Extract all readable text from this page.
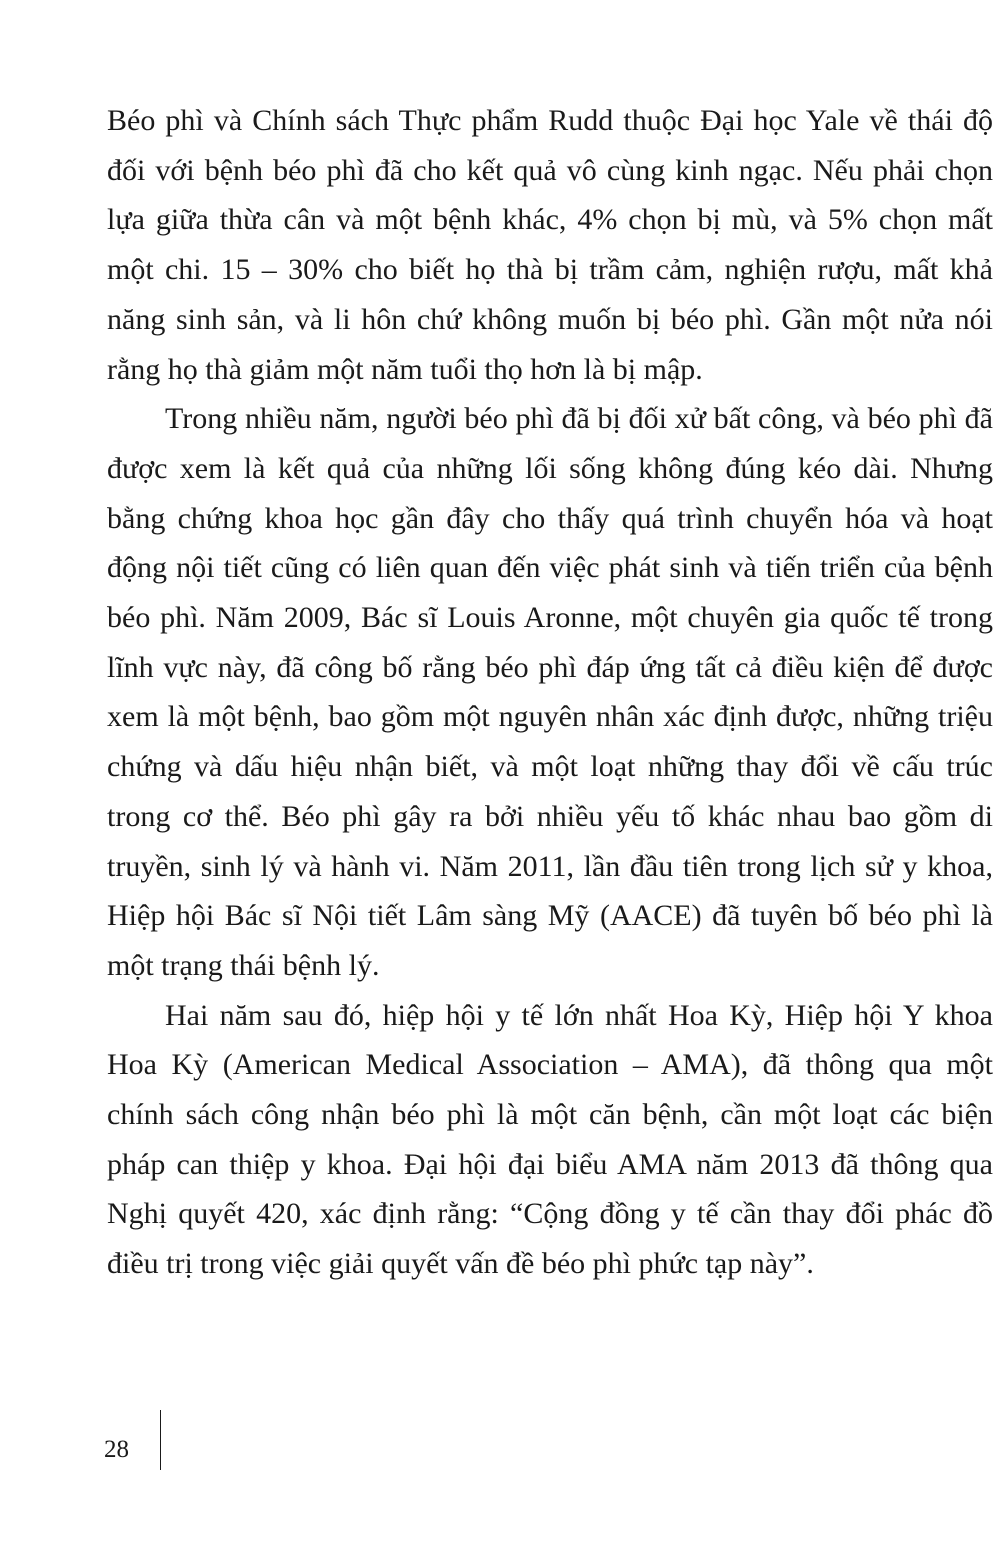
Béo phì và Chính sách Thực phẩm Rudd thuộc Đại học Yale về thái độ đối với bệnh béo phì đã cho kết quả vô cùng kinh ngạc. Nếu phải chọn lựa giữa thừa cân và một bệnh khác, 4% chọn bị mù, và 5% chọn mất một chi. 15 – 30% cho biết họ thà bị trầm cảm, nghiện rượu, mất khả năng sinh sản, và li hôn chứ không muốn bị béo phì. Gần một nửa nói rằng họ thà giảm một năm tuổi thọ hơn là bị mập.

Trong nhiều năm, người béo phì đã bị đối xử bất công, và béo phì đã được xem là kết quả của những lối sống không đúng kéo dài. Nhưng bằng chứng khoa học gần đây cho thấy quá trình chuyển hóa và hoạt động nội tiết cũng có liên quan đến việc phát sinh và tiến triển của bệnh béo phì. Năm 2009, Bác sĩ Louis Aronne, một chuyên gia quốc tế trong lĩnh vực này, đã công bố rằng béo phì đáp ứng tất cả điều kiện để được xem là một bệnh, bao gồm một nguyên nhân xác định được, những triệu chứng và dấu hiệu nhận biết, và một loạt những thay đổi về cấu trúc trong cơ thể. Béo phì gây ra bởi nhiều yếu tố khác nhau bao gồm di truyền, sinh lý và hành vi. Năm 2011, lần đầu tiên trong lịch sử y khoa, Hiệp hội Bác sĩ Nội tiết Lâm sàng Mỹ (AACE) đã tuyên bố béo phì là một trạng thái bệnh lý.

Hai năm sau đó, hiệp hội y tế lớn nhất Hoa Kỳ, Hiệp hội Y khoa Hoa Kỳ (American Medical Association – AMA), đã thông qua một chính sách công nhận béo phì là một căn bệnh, cần một loạt các biện pháp can thiệp y khoa. Đại hội đại biểu AMA năm 2013 đã thông qua Nghị quyết 420, xác định rằng: “Cộng đồng y tế cần thay đổi phác đồ điều trị trong việc giải quyết vấn đề béo phì phức tạp này”.

28
